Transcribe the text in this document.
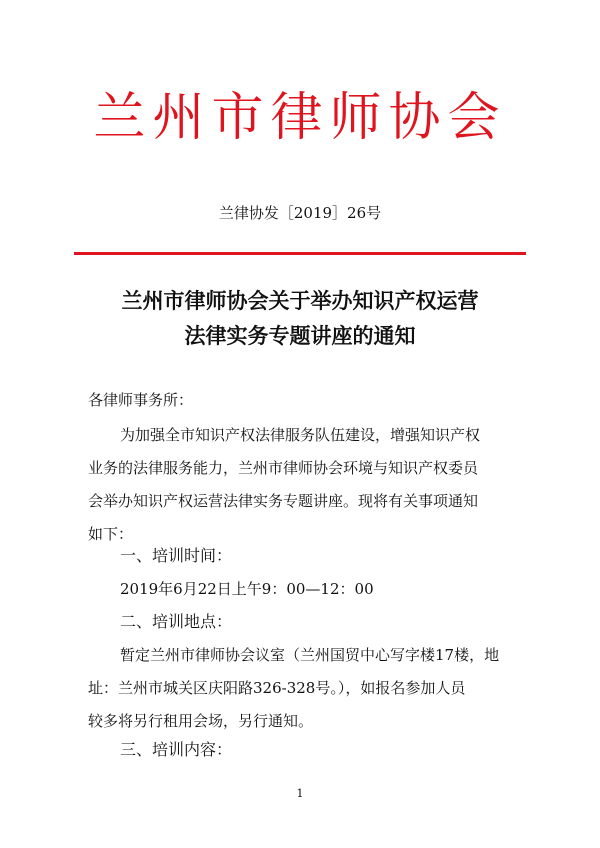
兰州市律师协会
兰律协发［2019］26号
兰州市律师协会关于举办知识产权运营
法律实务专题讲座的通知
各律师事务所：
为加强全市知识产权法律服务队伍建设，增强知识产权
业务的法律服务能力，兰州市律师协会环境与知识产权委员
会举办知识产权运营法律实务专题讲座。现将有关事项通知
如下：
一、培训时间：
2019年6月22日上午9：00—12：00
二、培训地点：
暂定兰州市律师协会议室（兰州国贸中心写字楼17楼，地
址：兰州市城关区庆阳路326-328号。），如报名参加人员
较多将另行租用会场，另行通知。
三、培训内容：
1
